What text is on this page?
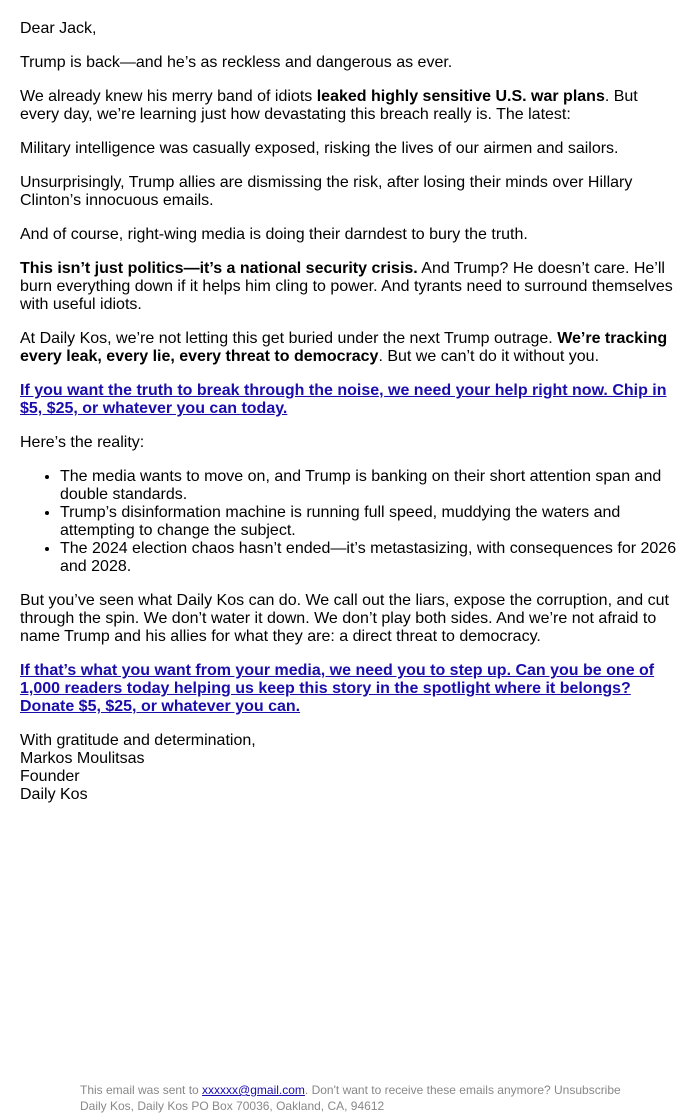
Dear Jack,

Trump is back—and he’s as reckless and dangerous as ever.

We already knew his merry band of idiots leaked highly sensitive U.S. war plans. But every day, we’re learning just how devastating this breach really is. The latest:

Military intelligence was casually exposed, risking the lives of our airmen and sailors.

Unsurprisingly, Trump allies are dismissing the risk, after losing their minds over Hillary Clinton’s innocuous emails.

And of course, right-wing media is doing their darndest to bury the truth.

This isn’t just politics—it’s a national security crisis. And Trump? He doesn’t care. He’ll burn everything down if it helps him cling to power. And tyrants need to surround themselves with useful idiots.

At Daily Kos, we’re not letting this get buried under the next Trump outrage. We’re tracking every leak, every lie, every threat to democracy. But we can’t do it without you.

If you want the truth to break through the noise, we need your help right now. Chip in $5, $25, or whatever you can today.

Here’s the reality:

• The media wants to move on, and Trump is banking on their short attention span and double standards.
• Trump’s disinformation machine is running full speed, muddying the waters and attempting to change the subject.
• The 2024 election chaos hasn’t ended—it’s metastasizing, with consequences for 2026 and 2028.

But you’ve seen what Daily Kos can do. We call out the liars, expose the corruption, and cut through the spin. We don’t water it down. We don’t play both sides. And we’re not afraid to name Trump and his allies for what they are: a direct threat to democracy.

If that’s what you want from your media, we need you to step up. Can you be one of 1,000 readers today helping us keep this story in the spotlight where it belongs? Donate $5, $25, or whatever you can.

With gratitude and determination,
Markos Moulitsas
Founder
Daily Kos

This email was sent to xxxxxx@gmail.com. Don't want to receive these emails anymore? Unsubscribe
Daily Kos, Daily Kos PO Box 70036, Oakland, CA, 94612
